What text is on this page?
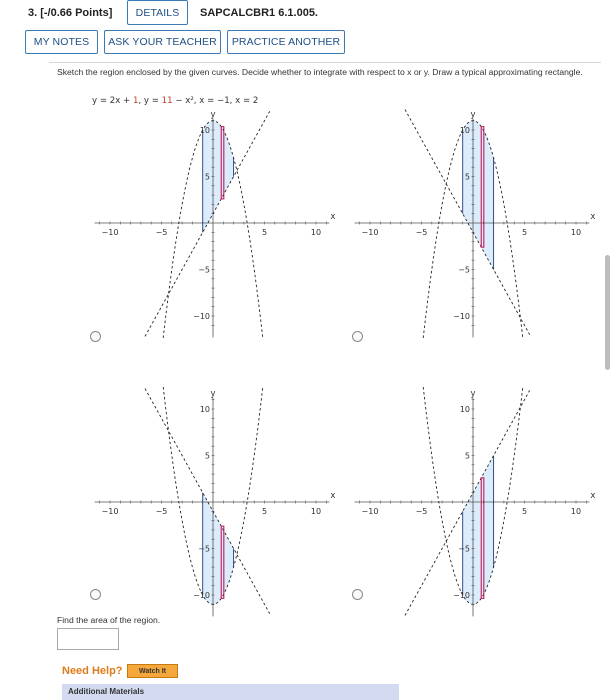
3. [-/0.66 Points]	DETAILS	SAPCALCBR1 6.1.005.
MY NOTES	ASK YOUR TEACHER	PRACTICE ANOTHER
Sketch the region enclosed by the given curves. Decide whether to integrate with respect to x or y. Draw a typical approximating rectangle.
y = 2x + 1, y = 11 − x², x = −1, x = 2
−10	−5	5	10
10
5
−5
−10
x
y
−10	−5	5	10
10
5
−5
−10
x
y
−10	−5	5	10
10
5
−5
−10
x
y
−10	−5	5	10
10
5
−5
−10
x
y
Find the area of the region.
Need Help?	Watch It
Additional Materials
